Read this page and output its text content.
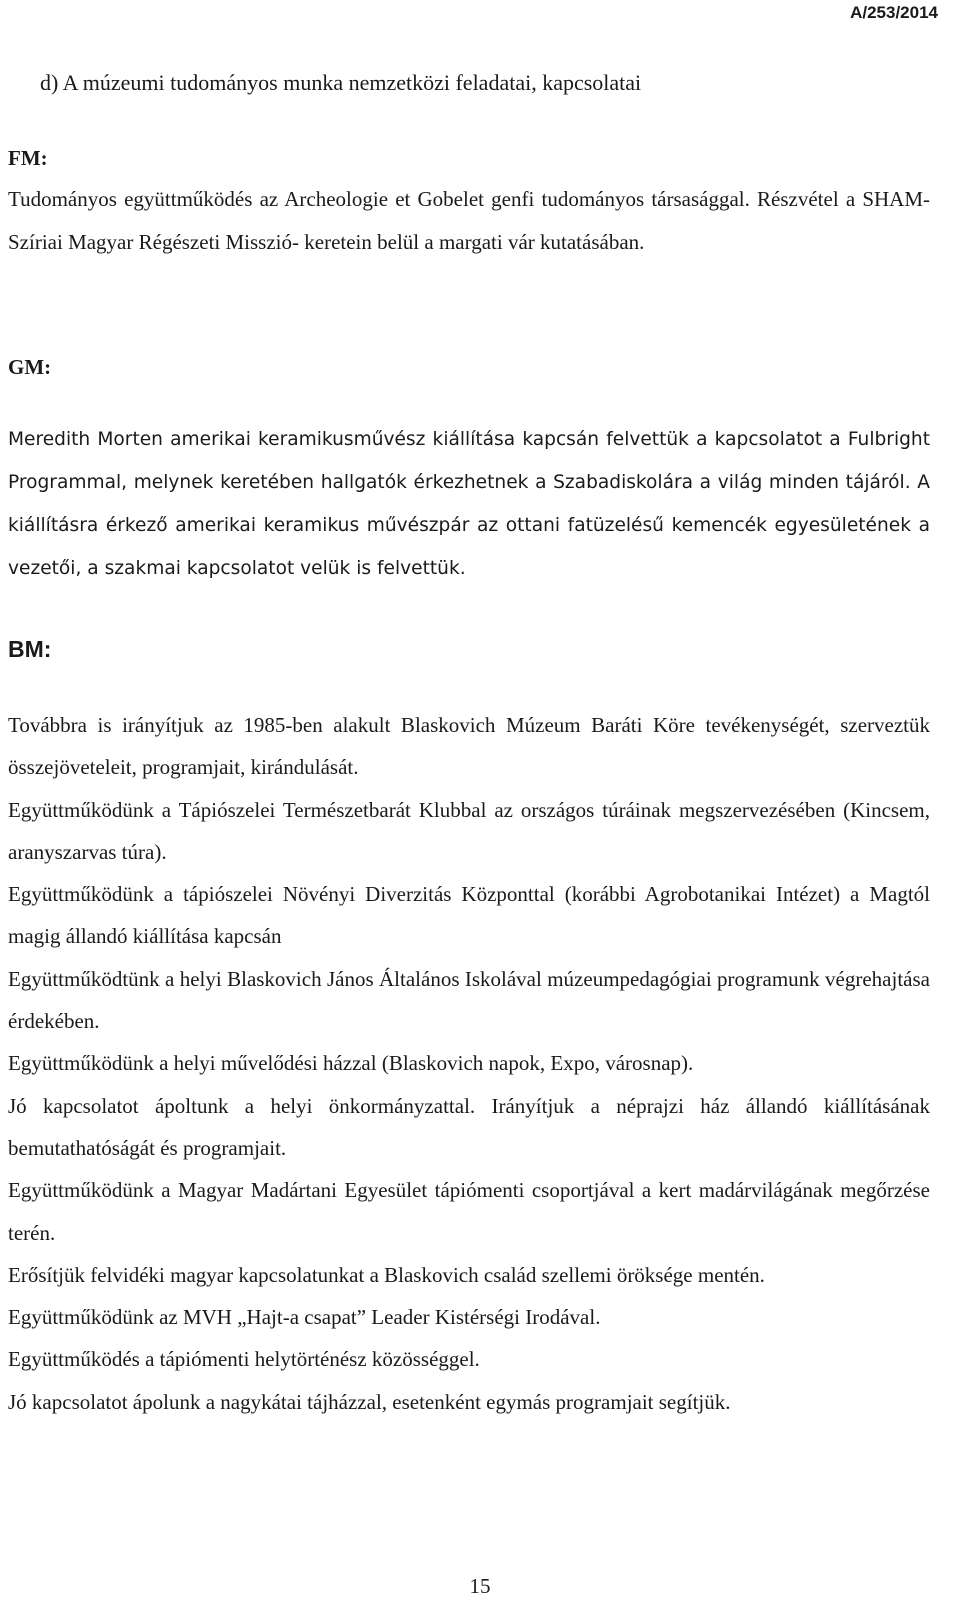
A/253/2014
d) A múzeumi tudományos munka nemzetközi feladatai, kapcsolatai
FM:
Tudományos együttműködés az Archeologie et Gobelet genfi tudományos társasággal. Részvétel a SHAM- Szíriai Magyar Régészeti Misszió- keretein belül a margati vár kutatásában.
GM:
Meredith Morten amerikai keramikusművész kiállítása kapcsán felvettük a kapcsolatot a Fulbright Programmal, melynek keretében hallgatók érkezhetnek a Szabadiskolára a világ minden tájáról. A kiállításra érkező amerikai keramikus művészpár az ottani fatüzelésű kemencék egyesületének a vezetői, a szakmai kapcsolatot velük is felvettük.
BM:

Továbbra is irányítjuk az 1985-ben alakult Blaskovich Múzeum Baráti Köre tevékenységét, szerveztük összejöveteleit, programjait, kirándulását.

Együttműködünk a Tápiószelei Természetbarát Klubbal az országos túráinak megszervezésében (Kincsem, aranyszarvas túra).

Együttműködünk a tápiószelei Növényi Diverzitás Központtal (korábbi Agrobotanikai Intézet) a Magtól magig állandó kiállítása kapcsán

Együttműködtünk a helyi Blaskovich János Általános Iskolával múzeumpedagógiai programunk végrehajtása érdekében.

Együttműködünk a helyi művelődési házzal (Blaskovich napok, Expo, városnap).

Jó kapcsolatot ápoltunk a helyi önkormányzattal. Irányítjuk a néprajzi ház állandó kiállításának bemutathatóságát és programjait.

Együttműködünk a Magyar Madártani Egyesület tápiómenti csoportjával a kert madárvilágának megőrzése terén.

Erősítjük felvidéki magyar kapcsolatunkat a Blaskovich család szellemi öröksége mentén.

Együttműködünk az MVH „Hajt-a csapat” Leader Kistérségi Irodával.

Együttműködés a tápiómenti helytörténész közösséggel.

Jó kapcsolatot ápolunk a nagykátai tájházzal, esetenként egymás programjait segítjük.

15
